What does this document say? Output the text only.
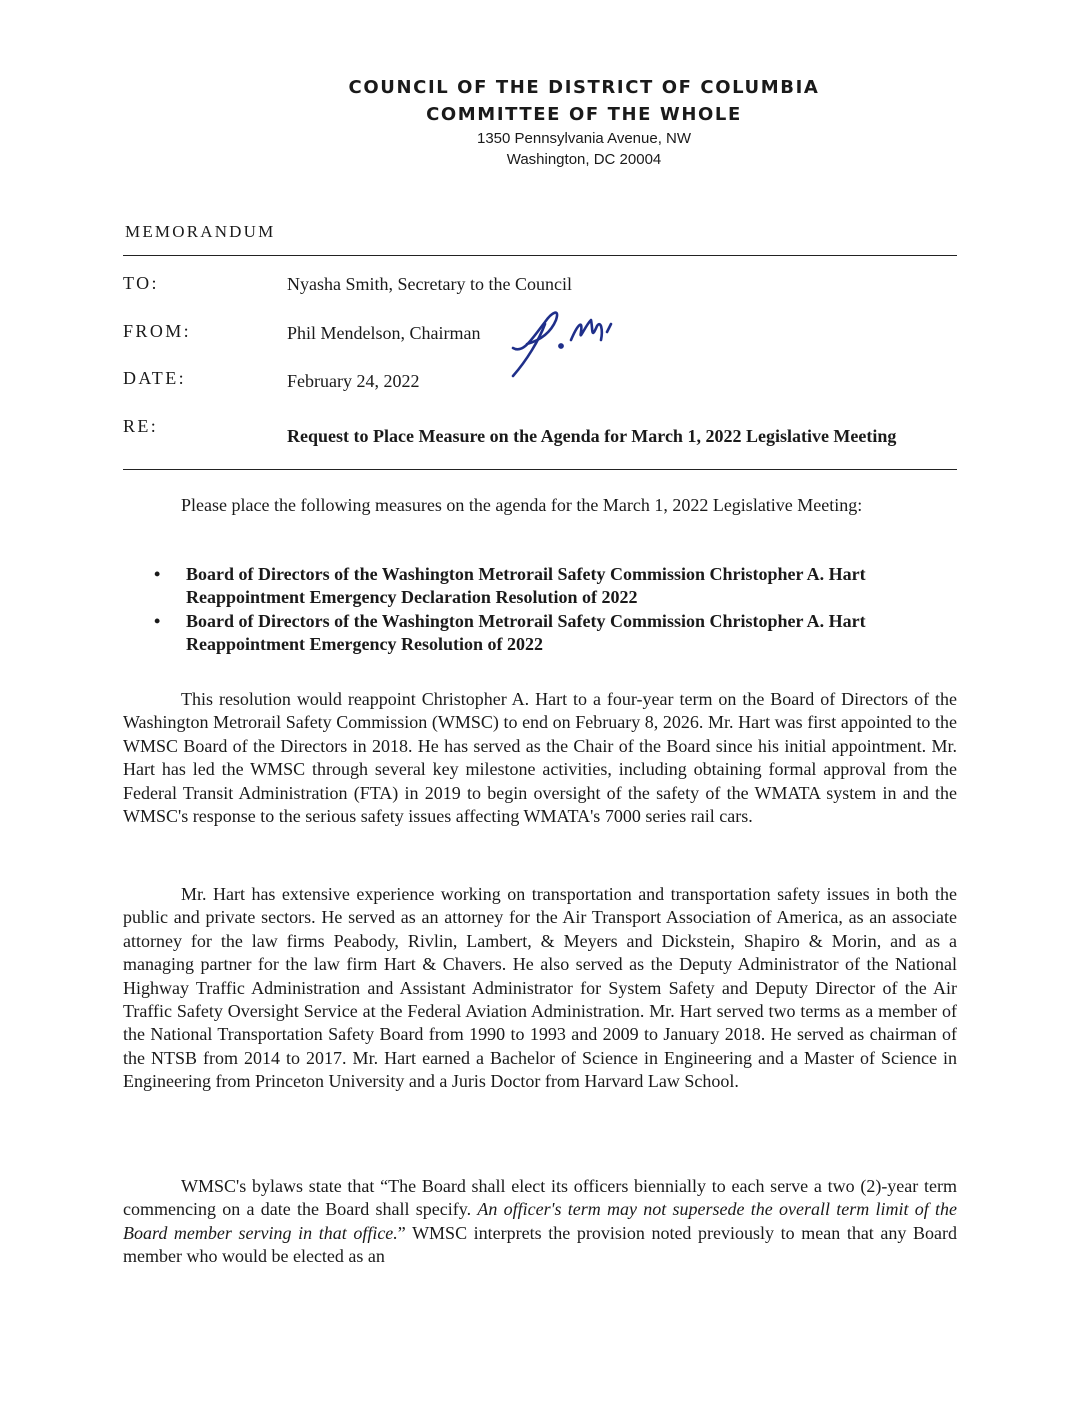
COUNCIL OF THE DISTRICT OF COLUMBIA
COMMITTEE OF THE WHOLE
1350 Pennsylvania Avenue, NW
Washington, DC 20004
MEMORANDUM
TO:	Nyasha Smith, Secretary to the Council
FROM:	Phil Mendelson, Chairman
DATE:	February 24, 2022
RE:	Request to Place Measure on the Agenda for March 1, 2022 Legislative Meeting
Please place the following measures on the agenda for the March 1, 2022 Legislative Meeting:
• Board of Directors of the Washington Metrorail Safety Commission Christopher A. Hart Reappointment Emergency Declaration Resolution of 2022
• Board of Directors of the Washington Metrorail Safety Commission Christopher A. Hart Reappointment Emergency Resolution of 2022
This resolution would reappoint Christopher A. Hart to a four-year term on the Board of Directors of the Washington Metrorail Safety Commission (WMSC) to end on February 8, 2026. Mr. Hart was first appointed to the WMSC Board of the Directors in 2018. He has served as the Chair of the Board since his initial appointment. Mr. Hart has led the WMSC through several key milestone activities, including obtaining formal approval from the Federal Transit Administration (FTA) in 2019 to begin oversight of the safety of the WMATA system in and the WMSC's response to the serious safety issues affecting WMATA's 7000 series rail cars.
Mr. Hart has extensive experience working on transportation and transportation safety issues in both the public and private sectors. He served as an attorney for the Air Transport Association of America, as an associate attorney for the law firms Peabody, Rivlin, Lambert, & Meyers and Dickstein, Shapiro & Morin, and as a managing partner for the law firm Hart & Chavers. He also served as the Deputy Administrator of the National Highway Traffic Administration and Assistant Administrator for System Safety and Deputy Director of the Air Traffic Safety Oversight Service at the Federal Aviation Administration. Mr. Hart served two terms as a member of the National Transportation Safety Board from 1990 to 1993 and 2009 to January 2018. He served as chairman of the NTSB from 2014 to 2017. Mr. Hart earned a Bachelor of Science in Engineering and a Master of Science in Engineering from Princeton University and a Juris Doctor from Harvard Law School.
WMSC's bylaws state that “The Board shall elect its officers biennially to each serve a two (2)-year term commencing on a date the Board shall specify. An officer's term may not supersede the overall term limit of the Board member serving in that office.” WMSC interprets the provision noted previously to mean that any Board member who would be elected as an
